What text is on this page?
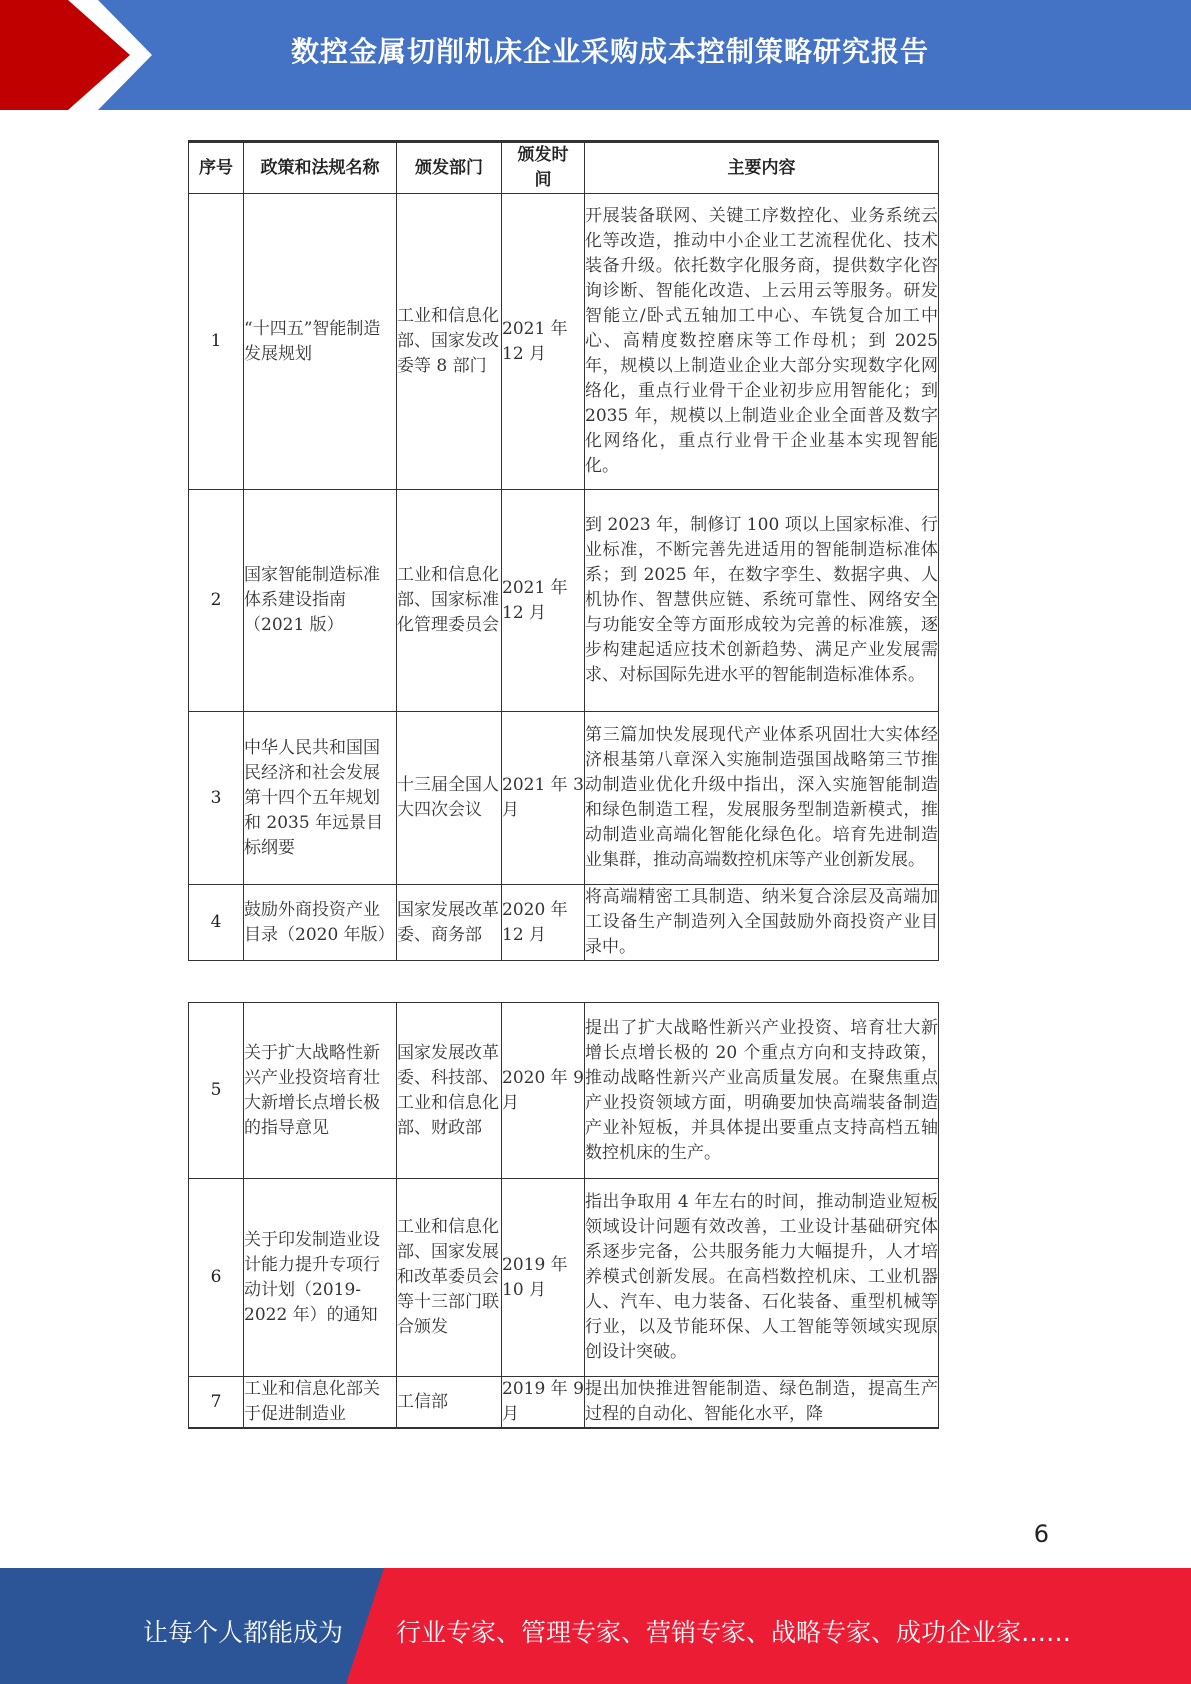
数控金属切削机床企业采购成本控制策略研究报告
序号	政策和法规名称	颁发部门	颁发时间	主要内容
1	“十四五”智能制造发展规划	工业和信息化部、国家发改委等 8 部门	2021 年 12 月	开展装备联网、关键工序数控化、业务系统云化等改造，推动中小企业工艺流程优化、技术装备升级。依托数字化服务商，提供数字化咨询诊断、智能化改造、上云用云等服务。研发智能立/卧式五轴加工中心、车铣复合加工中心、高精度数控磨床等工作母机；到 2025 年，规模以上制造业企业大部分实现数字化网络化，重点行业骨干企业初步应用智能化；到 2035 年，规模以上制造业企业全面普及数字化网络化，重点行业骨干企业基本实现智能化。
2	国家智能制造标准体系建设指南（2021 版）	工业和信息化部、国家标准化管理委员会	2021 年 12 月	到 2023 年，制修订 100 项以上国家标准、行业标准，不断完善先进适用的智能制造标准体系；到 2025 年，在数字孪生、数据字典、人机协作、智慧供应链、系统可靠性、网络安全与功能安全等方面形成较为完善的标准簇，逐步构建起适应技术创新趋势、满足产业发展需求、对标国际先进水平的智能制造标准体系。
3	中华人民共和国国民经济和社会发展第十四个五年规划和 2035 年远景目标纲要	十三届全国人大四次会议	2021 年 3 月	第三篇加快发展现代产业体系巩固壮大实体经济根基第八章深入实施制造强国战略第三节推动制造业优化升级中指出，深入实施智能制造和绿色制造工程，发展服务型制造新模式，推动制造业高端化智能化绿色化。培育先进制造业集群，推动高端数控机床等产业创新发展。
4	鼓励外商投资产业目录（2020 年版）	国家发展改革委、商务部	2020 年 12 月	将高端精密工具制造、纳米复合涂层及高端加工设备生产制造列入全国鼓励外商投资产业目录中。
5	关于扩大战略性新兴产业投资培育壮大新增长点增长极的指导意见	国家发展改革委、科技部、工业和信息化部、财政部	2020 年 9 月	提出了扩大战略性新兴产业投资、培育壮大新增长点增长极的 20 个重点方向和支持政策，推动战略性新兴产业高质量发展。在聚焦重点产业投资领域方面，明确要加快高端装备制造产业补短板，并具体提出要重点支持高档五轴数控机床的生产。
6	关于印发制造业设计能力提升专项行动计划（2019-2022 年）的通知	工业和信息化部、国家发展和改革委员会等十三部门联合颁发	2019 年 10 月	指出争取用 4 年左右的时间，推动制造业短板领域设计问题有效改善，工业设计基础研究体系逐步完备，公共服务能力大幅提升，人才培养模式创新发展。在高档数控机床、工业机器人、汽车、电力装备、石化装备、重型机械等行业，以及节能环保、人工智能等领域实现原创设计突破。
7	工业和信息化部关于促进制造业	工信部	2019 年 9 月	提出加快推进智能制造、绿色制造，提高生产过程的自动化、智能化水平，降
6
让每个人都能成为 行业专家、管理专家、营销专家、战略专家、成功企业家……
